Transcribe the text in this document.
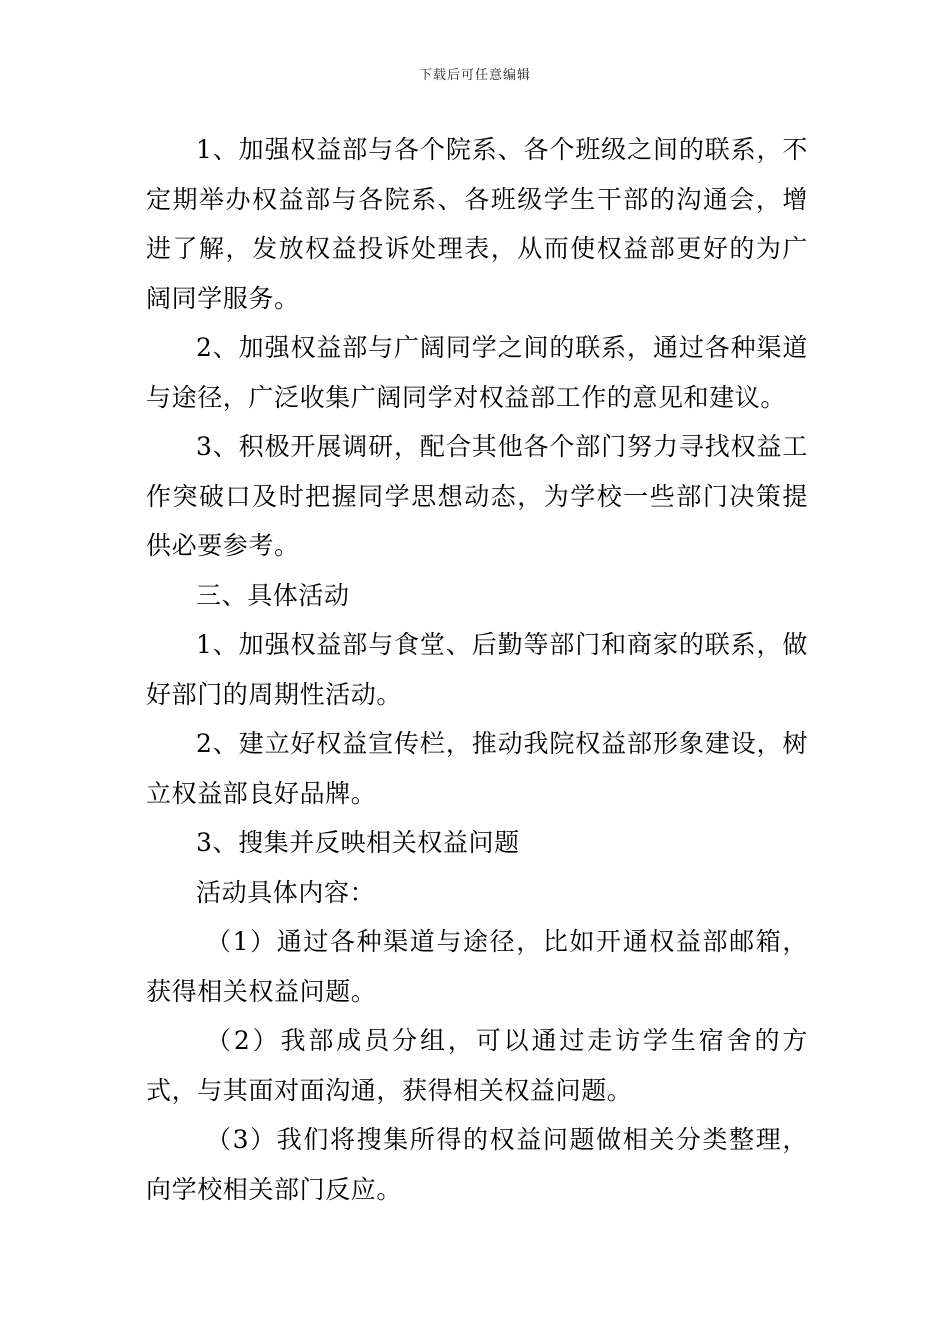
下载后可任意编辑

1、加强权益部与各个院系、各个班级之间的联系，不定期举办权益部与各院系、各班级学生干部的沟通会，增进了解，发放权益投诉处理表，从而使权益部更好的为广阔同学服务。

2、加强权益部与广阔同学之间的联系，通过各种渠道与途径，广泛收集广阔同学对权益部工作的意见和建议。

3、积极开展调研，配合其他各个部门努力寻找权益工作突破口及时把握同学思想动态，为学校一些部门决策提供必要参考。

三、具体活动

1、加强权益部与食堂、后勤等部门和商家的联系，做好部门的周期性活动。

2、建立好权益宣传栏，推动我院权益部形象建设，树立权益部良好品牌。

3、搜集并反映相关权益问题

活动具体内容：

（1）通过各种渠道与途径，比如开通权益部邮箱，获得相关权益问题。

（2）我部成员分组，可以通过走访学生宿舍的方式，与其面对面沟通，获得相关权益问题。

（3）我们将搜集所得的权益问题做相关分类整理，向学校相关部门反应。
